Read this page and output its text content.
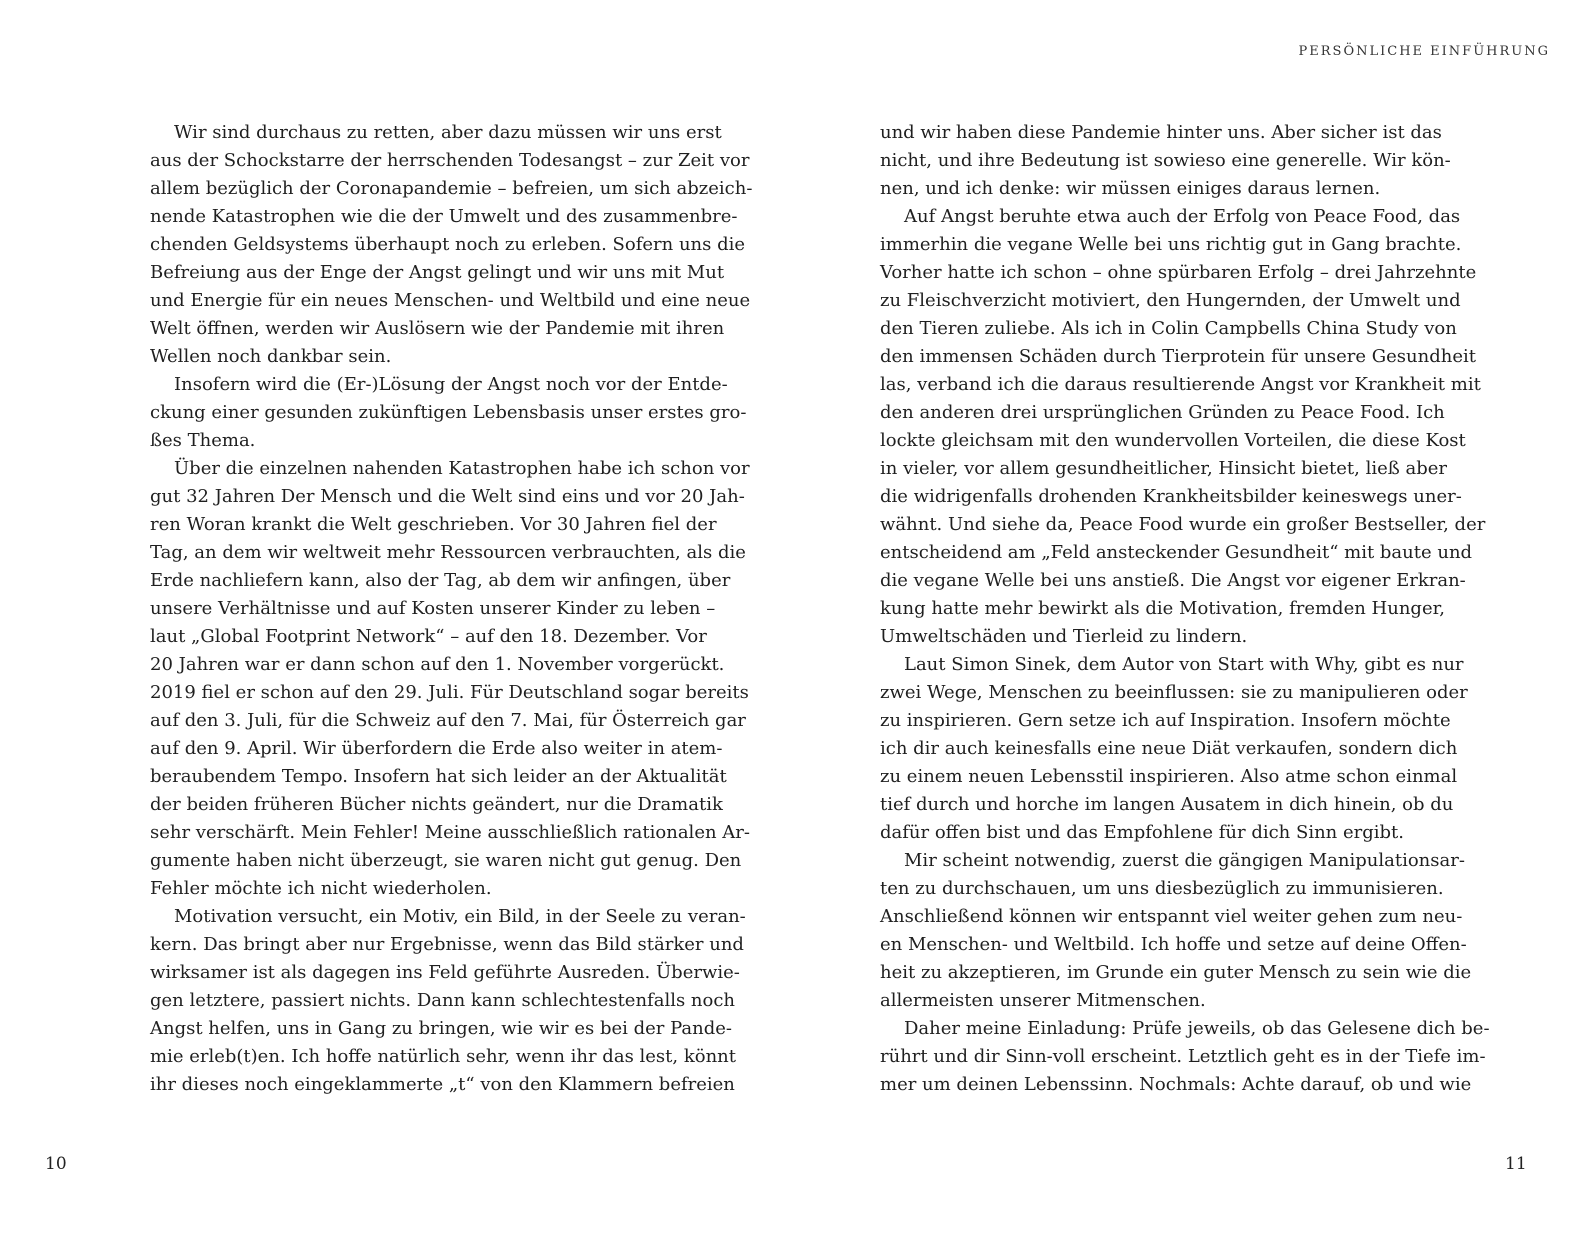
PERSÖNLICHE EINFÜHRUNG
Wir sind durchaus zu retten, aber dazu müssen wir uns erst
aus der Schockstarre der herrschenden Todesangst – zur Zeit vor
allem bezüglich der Coronapandemie – befreien, um sich abzeich-
nende Katastrophen wie die der Umwelt und des zusammenbre-
chenden Geldsystems überhaupt noch zu erleben. Sofern uns die
Befreiung aus der Enge der Angst gelingt und wir uns mit Mut
und Energie für ein neues Menschen- und Weltbild und eine neue
Welt öffnen, werden wir Auslösern wie der Pandemie mit ihren
Wellen noch dankbar sein.
Insofern wird die (Er-)Lösung der Angst noch vor der Entde-
ckung einer gesunden zukünftigen Lebensbasis unser erstes gro-
ßes Thema.
Über die einzelnen nahenden Katastrophen habe ich schon vor
gut 32 Jahren Der Mensch und die Welt sind eins und vor 20 Jah-
ren Woran krankt die Welt geschrieben. Vor 30 Jahren fiel der
Tag, an dem wir weltweit mehr Ressourcen verbrauchten, als die
Erde nachliefern kann, also der Tag, ab dem wir anfingen, über
unsere Verhältnisse und auf Kosten unserer Kinder zu leben –
laut „Global Footprint Network“ – auf den 18. Dezember. Vor
20 Jahren war er dann schon auf den 1. November vorgerückt.
2019 fiel er schon auf den 29. Juli. Für Deutschland sogar bereits
auf den 3. Juli, für die Schweiz auf den 7. Mai, für Österreich gar
auf den 9. April. Wir überfordern die Erde also weiter in atem-
beraubendem Tempo. Insofern hat sich leider an der Aktualität
der beiden früheren Bücher nichts geändert, nur die Dramatik
sehr verschärft. Mein Fehler! Meine ausschließlich rationalen Ar-
gumente haben nicht überzeugt, sie waren nicht gut genug. Den
Fehler möchte ich nicht wiederholen.
Motivation versucht, ein Motiv, ein Bild, in der Seele zu veran-
kern. Das bringt aber nur Ergebnisse, wenn das Bild stärker und
wirksamer ist als dagegen ins Feld geführte Ausreden. Überwie-
gen letztere, passiert nichts. Dann kann schlechtestenfalls noch
Angst helfen, uns in Gang zu bringen, wie wir es bei der Pande-
mie erleb(t)en. Ich hoffe natürlich sehr, wenn ihr das lest, könnt
ihr dieses noch eingeklammerte „t“ von den Klammern befreien
und wir haben diese Pandemie hinter uns. Aber sicher ist das
nicht, und ihre Bedeutung ist sowieso eine generelle. Wir kön-
nen, und ich denke: wir müssen einiges daraus lernen.
Auf Angst beruhte etwa auch der Erfolg von Peace Food, das
immerhin die vegane Welle bei uns richtig gut in Gang brachte.
Vorher hatte ich schon – ohne spürbaren Erfolg – drei Jahrzehnte
zu Fleischverzicht motiviert, den Hungernden, der Umwelt und
den Tieren zuliebe. Als ich in Colin Campbells China Study von
den immensen Schäden durch Tierprotein für unsere Gesundheit
las, verband ich die daraus resultierende Angst vor Krankheit mit
den anderen drei ursprünglichen Gründen zu Peace Food. Ich
lockte gleichsam mit den wundervollen Vorteilen, die diese Kost
in vieler, vor allem gesundheitlicher, Hinsicht bietet, ließ aber
die widrigenfalls drohenden Krankheitsbilder keineswegs uner-
wähnt. Und siehe da, Peace Food wurde ein großer Bestseller, der
entscheidend am „Feld ansteckender Gesundheit“ mit baute und
die vegane Welle bei uns anstieß. Die Angst vor eigener Erkran-
kung hatte mehr bewirkt als die Motivation, fremden Hunger,
Umweltschäden und Tierleid zu lindern.
Laut Simon Sinek, dem Autor von Start with Why, gibt es nur
zwei Wege, Menschen zu beeinflussen: sie zu manipulieren oder
zu inspirieren. Gern setze ich auf Inspiration. Insofern möchte
ich dir auch keinesfalls eine neue Diät verkaufen, sondern dich
zu einem neuen Lebensstil inspirieren. Also atme schon einmal
tief durch und horche im langen Ausatem in dich hinein, ob du
dafür offen bist und das Empfohlene für dich Sinn ergibt.
Mir scheint notwendig, zuerst die gängigen Manipulationsar-
ten zu durchschauen, um uns diesbezüglich zu immunisieren.
Anschließend können wir entspannt viel weiter gehen zum neu-
en Menschen- und Weltbild. Ich hoffe und setze auf deine Offen-
heit zu akzeptieren, im Grunde ein guter Mensch zu sein wie die
allermeisten unserer Mitmenschen.
Daher meine Einladung: Prüfe jeweils, ob das Gelesene dich be-
rührt und dir Sinn-voll erscheint. Letztlich geht es in der Tiefe im-
mer um deinen Lebenssinn. Nochmals: Achte darauf, ob und wie
10	11
